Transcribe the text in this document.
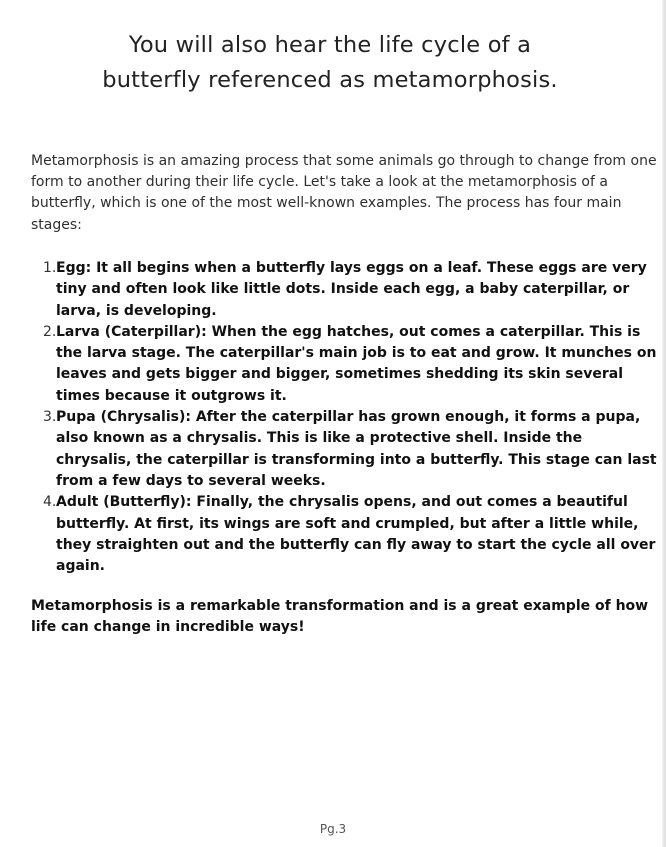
You will also hear the life cycle of a butterfly referenced as metamorphosis.

Metamorphosis is an amazing process that some animals go through to change from one form to another during their life cycle. Let's take a look at the metamorphosis of a butterfly, which is one of the most well-known examples. The process has four main stages:

1. Egg: It all begins when a butterfly lays eggs on a leaf. These eggs are very tiny and often look like little dots. Inside each egg, a baby caterpillar, or larva, is developing.
2. Larva (Caterpillar): When the egg hatches, out comes a caterpillar. This is the larva stage. The caterpillar's main job is to eat and grow. It munches on leaves and gets bigger and bigger, sometimes shedding its skin several times because it outgrows it.
3. Pupa (Chrysalis): After the caterpillar has grown enough, it forms a pupa, also known as a chrysalis. This is like a protective shell. Inside the chrysalis, the caterpillar is transforming into a butterfly. This stage can last from a few days to several weeks.
4. Adult (Butterfly): Finally, the chrysalis opens, and out comes a beautiful butterfly. At first, its wings are soft and crumpled, but after a little while, they straighten out and the butterfly can fly away to start the cycle all over again.

Metamorphosis is a remarkable transformation and is a great example of how life can change in incredible ways!

Pg.3
